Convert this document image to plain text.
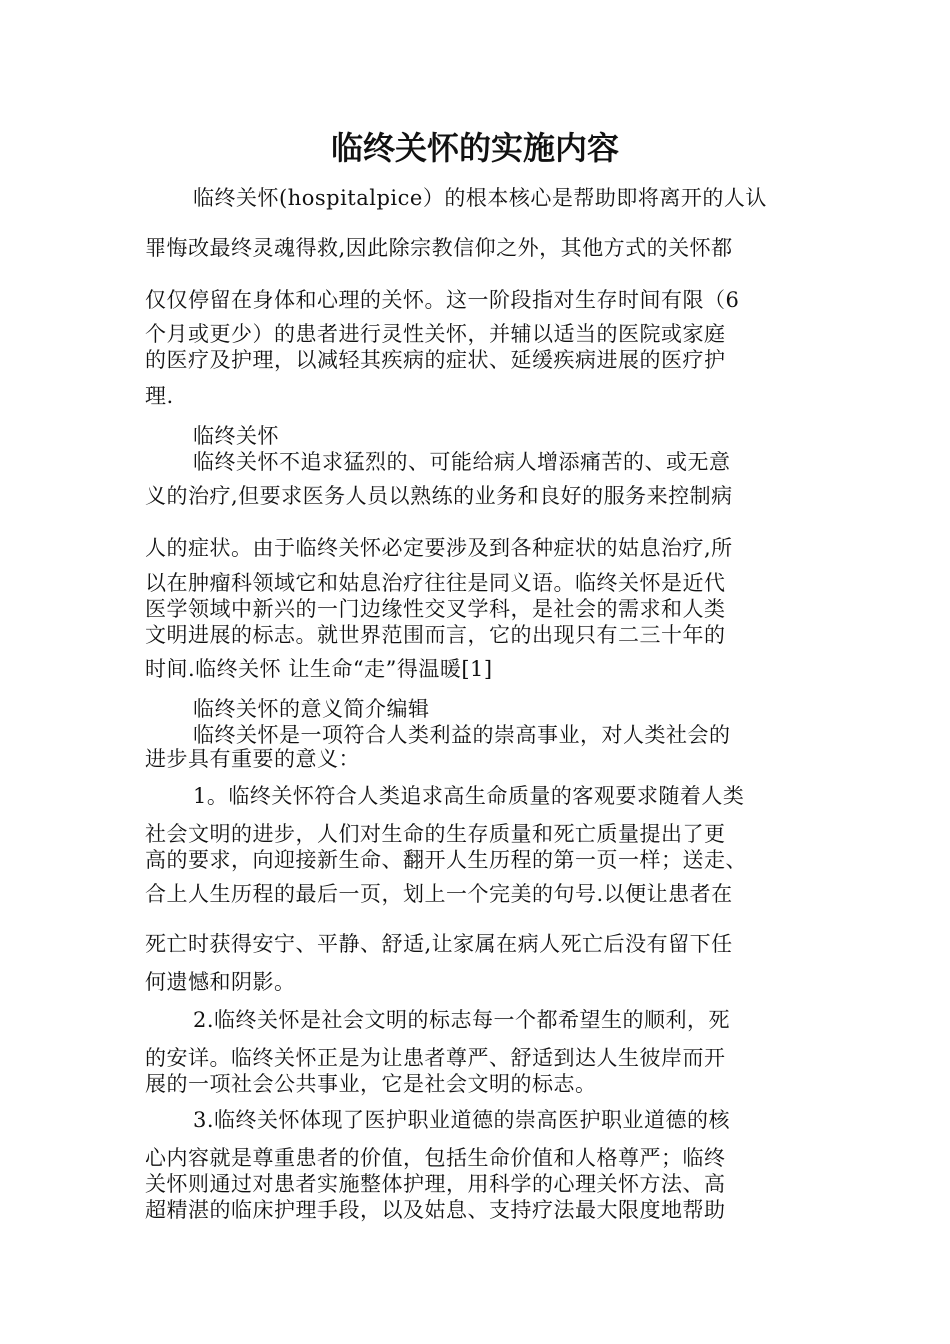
临终关怀的实施内容
临终关怀(hospitalpice）的根本核心是帮助即将离开的人认
罪悔改最终灵魂得救,因此除宗教信仰之外，其他方式的关怀都
仅仅停留在身体和心理的关怀。这一阶段指对生存时间有限（6
个月或更少）的患者进行灵性关怀，并辅以适当的医院或家庭
的医疗及护理，以减轻其疾病的症状、延缓疾病进展的医疗护
理.
临终关怀
临终关怀不追求猛烈的、可能给病人增添痛苦的、或无意
义的治疗,但要求医务人员以熟练的业务和良好的服务来控制病
人的症状。由于临终关怀必定要涉及到各种症状的姑息治疗,所
以在肿瘤科领域它和姑息治疗往往是同义语。临终关怀是近代
医学领域中新兴的一门边缘性交叉学科，是社会的需求和人类
文明进展的标志。就世界范围而言，它的出现只有二三十年的
时间.临终关怀 让生命“走”得温暖[1]
临终关怀的意义简介编辑
临终关怀是一项符合人类利益的崇高事业，对人类社会的
进步具有重要的意义：
1。临终关怀符合人类追求高生命质量的客观要求随着人类
社会文明的进步，人们对生命的生存质量和死亡质量提出了更
高的要求，向迎接新生命、翻开人生历程的第一页一样；送走、
合上人生历程的最后一页，划上一个完美的句号.以便让患者在
死亡时获得安宁、平静、舒适,让家属在病人死亡后没有留下任
何遗憾和阴影。
2.临终关怀是社会文明的标志每一个都希望生的顺利，死
的安详。临终关怀正是为让患者尊严、舒适到达人生彼岸而开
展的一项社会公共事业，它是社会文明的标志。
3.临终关怀体现了医护职业道德的崇高医护职业道德的核
心内容就是尊重患者的价值，包括生命价值和人格尊严；临终
关怀则通过对患者实施整体护理，用科学的心理关怀方法、高
超精湛的临床护理手段，以及姑息、支持疗法最大限度地帮助
